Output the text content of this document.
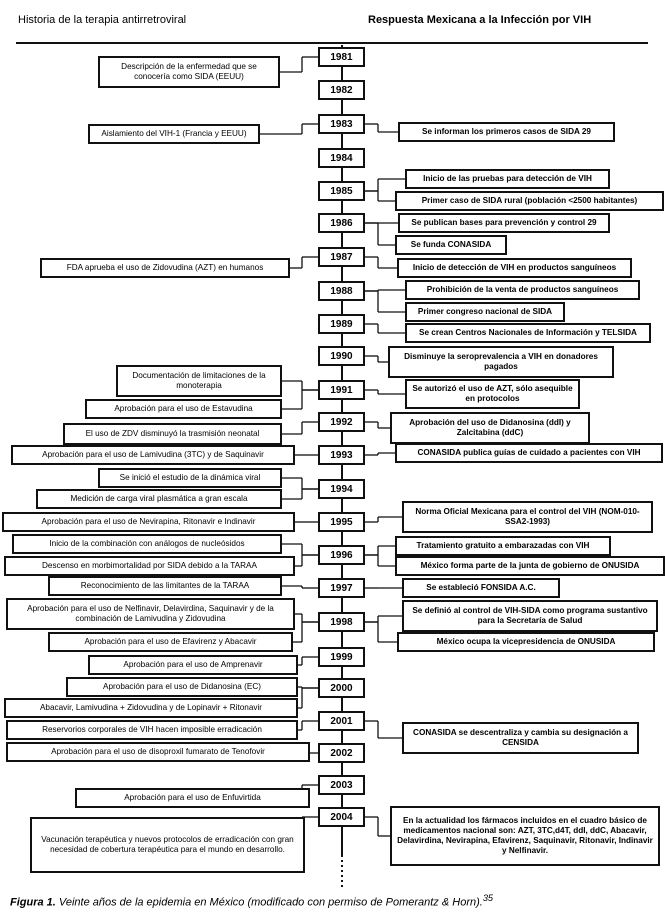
Historia de la terapia antirretroviral	Respuesta Mexicana a la Infección por VIH
1981
1982
1983
1984
1985
1986
1987
1988
1989
1990
1991
1992
1993
1994
1995
1996
1997
1998
1999
2000
2001
2002
2003
2004
Descripción de la enfermedad que se conocería como SIDA (EEUU)
Aislamiento del VIH-1 (Francia y EEUU)
FDA aprueba el uso de Zidovudina (AZT) en humanos
Documentación de limitaciones de la monoterapia
Aprobación para el uso de Estavudina
El uso de ZDV disminuyó la trasmisión neonatal
Aprobación para el uso de Lamivudina (3TC) y de Saquinavir
Se inició el estudio de la dinámica viral
Medición de carga viral plasmática a gran escala
Aprobación para el uso de Nevirapina, Ritonavir e Indinavir
Inicio de la combinación con análogos de nucleósidos
Descenso en morbimortalidad por SIDA debido a la TARAA
Reconocimiento de las limitantes de la TARAA
Aprobación para el uso de Nelfinavir, Delavirdina, Saquinavir y de la combinación de Lamivudina y Zidovudina
Aprobación para el uso de Efavirenz y Abacavir
Aprobación para el uso de Amprenavir
Aprobación para el uso de Didanosina (EC)
Abacavir, Lamivudina + Zidovudina y de Lopinavir + Ritonavir
Reservorios corporales de VIH hacen imposible erradicación
Aprobación para el uso de disoproxil fumarato de Tenofovir
Aprobación para el uso de Enfuvirtida
Vacunación terapéutica y nuevos protocolos de erradicación con gran necesidad de cobertura terapéutica para el mundo en desarrollo.
Se informan los primeros casos de SIDA 29
Inicio de las pruebas para detección de VIH
Primer caso de SIDA rural (población <2500 habitantes)
Se publican bases para prevención y control 29
Se funda CONASIDA
Inicio de detección de VIH en productos sanguíneos
Prohibición de la venta de productos sanguíneos
Primer congreso nacional de SIDA
Se crean Centros Nacionales de Información y TELSIDA
Disminuye la seroprevalencia a VIH en donadores pagados
Se autorizó el uso de AZT, sólo asequible en protocolos
Aprobación del uso de Didanosina (ddI) y Zalcitabina (ddC)
CONASIDA publica guías de cuidado a pacientes con VIH
Norma Oficial Mexicana para el control del VIH (NOM-010-SSA2-1993)
Tratamiento gratuito a embarazadas con VIH
México forma parte de la junta de gobierno de ONUSIDA
Se estableció FONSIDA A.C.
Se definió al control de VIH-SIDA como programa sustantivo para la Secretaría de Salud
México ocupa la vicepresidencia de ONUSIDA
CONASIDA se descentraliza y cambia su designación a CENSIDA
En la actualidad los fármacos incluidos en el cuadro básico de medicamentos nacional son: AZT, 3TC,d4T, ddI, ddC, Abacavir, Delavirdina, Nevirapina, Efavirenz, Saquinavir, Ritonavir, Indinavir y Nelfinavir.
Figura 1. Veinte años de la epidemia en México (modificado con permiso de Pomerantz & Horn).$^{35}$
